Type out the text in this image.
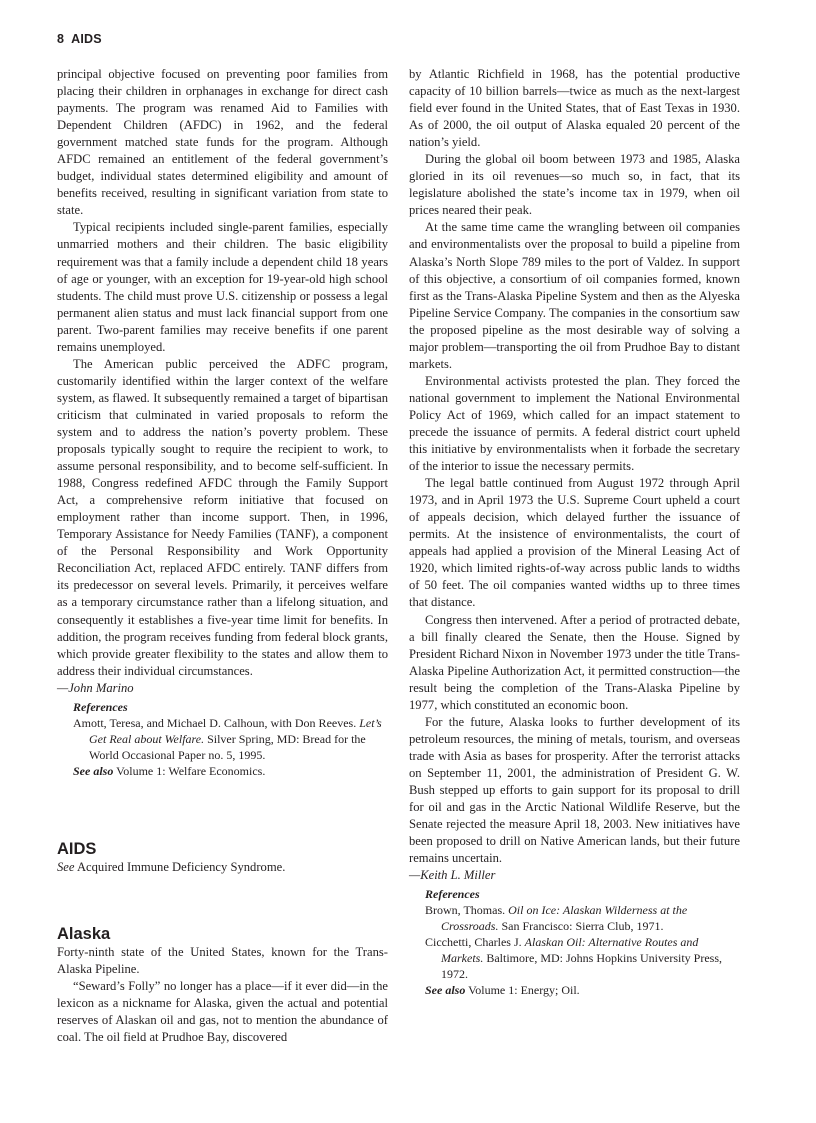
8 AIDS

principal objective focused on preventing poor families from placing their children in orphanages in exchange for direct cash payments. The program was renamed Aid to Families with Dependent Children (AFDC) in 1962, and the federal government matched state funds for the program. Although AFDC remained an entitlement of the federal government’s budget, individual states determined eligibility and amount of benefits received, resulting in significant variation from state to state.

Typical recipients included single-parent families, especially unmarried mothers and their children. The basic eligibility requirement was that a family include a dependent child 18 years of age or younger, with an exception for 19-year-old high school students. The child must prove U.S. citizenship or possess a legal permanent alien status and must lack financial support from one parent. Two-parent families may receive benefits if one parent remains unemployed.

The American public perceived the ADFC program, customarily identified within the larger context of the welfare system, as flawed. It subsequently remained a target of bipartisan criticism that culminated in varied proposals to reform the system and to address the nation’s poverty problem. These proposals typically sought to require the recipient to work, to assume personal responsibility, and to become self-sufficient. In 1988, Congress redefined AFDC through the Family Support Act, a comprehensive reform initiative that focused on employment rather than income support. Then, in 1996, Temporary Assistance for Needy Families (TANF), a component of the Personal Responsibility and Work Opportunity Reconciliation Act, replaced AFDC entirely. TANF differs from its predecessor on several levels. Primarily, it perceives welfare as a temporary circumstance rather than a lifelong situation, and consequently it establishes a five-year time limit for benefits. In addition, the program receives funding from federal block grants, which provide greater flexibility to the states and allow them to address their individual circumstances.

—John Marino

References
Amott, Teresa, and Michael D. Calhoun, with Don Reeves. Let’s Get Real about Welfare. Silver Spring, MD: Bread for the World Occasional Paper no. 5, 1995.
See also Volume 1: Welfare Economics.
AIDS

See Acquired Immune Deficiency Syndrome.

Alaska

Forty-ninth state of the United States, known for the Trans-Alaska Pipeline.

“Seward’s Folly” no longer has a place—if it ever did—in the lexicon as a nickname for Alaska, given the actual and potential reserves of Alaskan oil and gas, not to mention the abundance of coal. The oil field at Prudhoe Bay, discovered

by Atlantic Richfield in 1968, has the potential productive capacity of 10 billion barrels—twice as much as the next-largest field ever found in the United States, that of East Texas in 1930. As of 2000, the oil output of Alaska equaled 20 percent of the nation’s yield.

During the global oil boom between 1973 and 1985, Alaska gloried in its oil revenues—so much so, in fact, that its legislature abolished the state’s income tax in 1979, when oil prices neared their peak.

At the same time came the wrangling between oil companies and environmentalists over the proposal to build a pipeline from Alaska’s North Slope 789 miles to the port of Valdez. In support of this objective, a consortium of oil companies formed, known first as the Trans-Alaska Pipeline System and then as the Alyeska Pipeline Service Company. The companies in the consortium saw the proposed pipeline as the most desirable way of solving a major problem—transporting the oil from Prudhoe Bay to distant markets.

Environmental activists protested the plan. They forced the national government to implement the National Environmental Policy Act of 1969, which called for an impact statement to precede the issuance of permits. A federal district court upheld this initiative by environmentalists when it forbade the secretary of the interior to issue the necessary permits.

The legal battle continued from August 1972 through April 1973, and in April 1973 the U.S. Supreme Court upheld a court of appeals decision, which delayed further the issuance of permits. At the insistence of environmentalists, the court of appeals had applied a provision of the Mineral Leasing Act of 1920, which limited rights-of-way across public lands to widths of 50 feet. The oil companies wanted widths up to three times that distance.

Congress then intervened. After a period of protracted debate, a bill finally cleared the Senate, then the House. Signed by President Richard Nixon in November 1973 under the title Trans-Alaska Pipeline Authorization Act, it permitted construction—the result being the completion of the Trans-Alaska Pipeline by 1977, which constituted an economic boon.

For the future, Alaska looks to further development of its petroleum resources, the mining of metals, tourism, and overseas trade with Asia as bases for prosperity. After the terrorist attacks on September 11, 2001, the administration of President G. W. Bush stepped up efforts to gain support for its proposal to drill for oil and gas in the Arctic National Wildlife Reserve, but the Senate rejected the measure April 18, 2003. New initiatives have been proposed to drill on Native American lands, but their future remains uncertain.

—Keith L. Miller

References
Brown, Thomas. Oil on Ice: Alaskan Wilderness at the Crossroads. San Francisco: Sierra Club, 1971.
Cicchetti, Charles J. Alaskan Oil: Alternative Routes and Markets. Baltimore, MD: Johns Hopkins University Press, 1972.
See also Volume 1: Energy; Oil.
